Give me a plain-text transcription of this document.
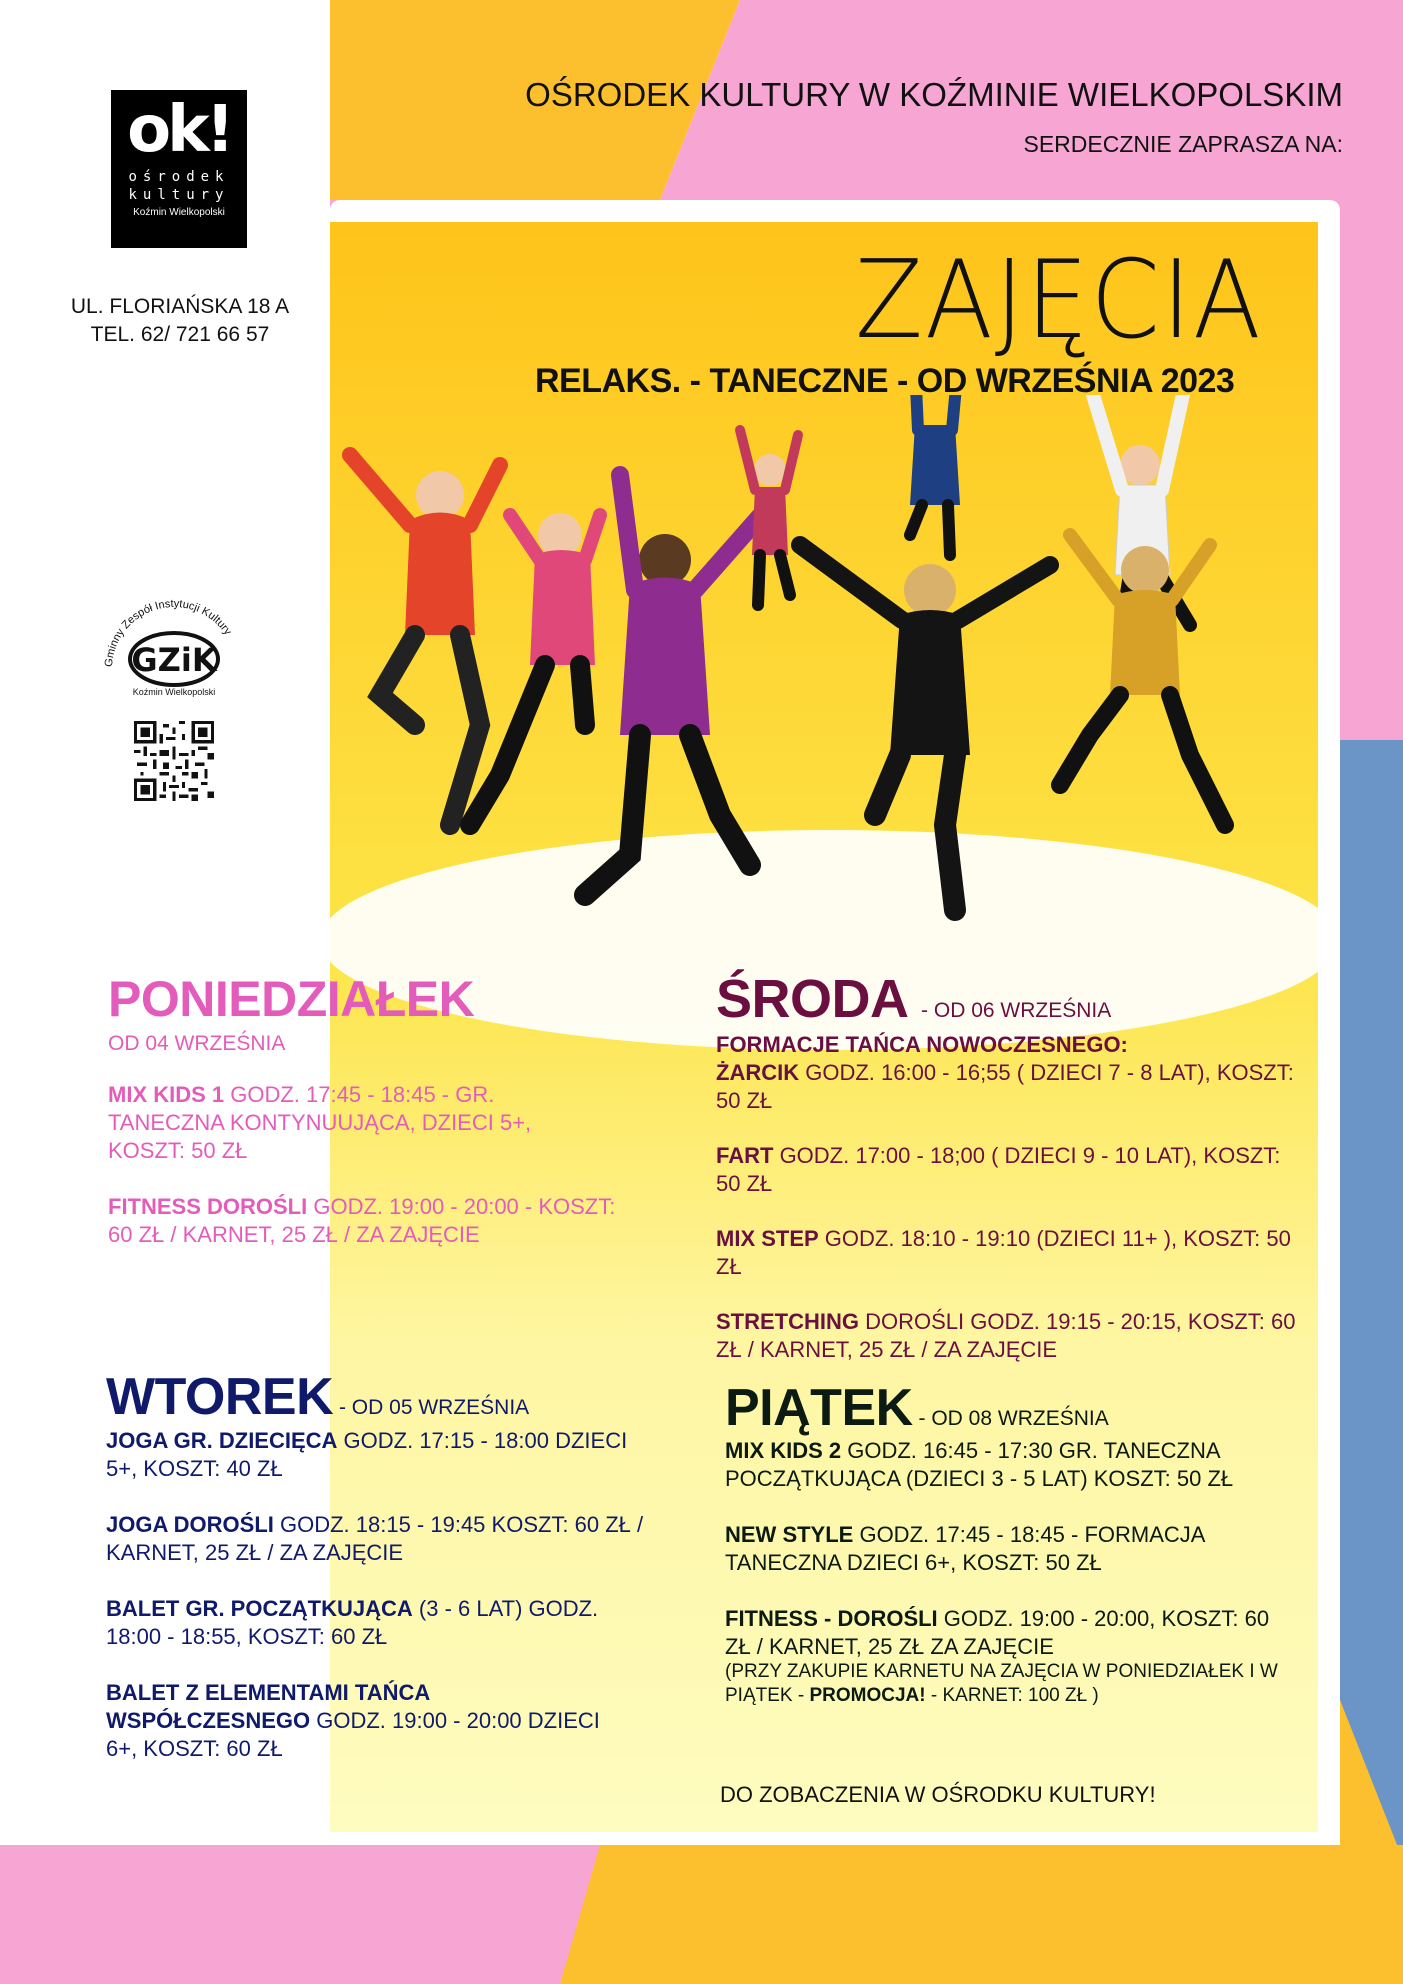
ok!
ośrodek
kultury
Koźmin Wielkopolski
UL. FLORIAŃSKA 18 A
TEL. 62/ 721 66 57
Gminny Zespół Instytucji Kultury
GZiK
Koźmin Wielkopolski
OŚRODEK KULTURY W KOŹMINIE WIELKOPOLSKIM
SERDECZNIE ZAPRASZA NA:
ZAJĘCIA
RELAKS. - TANECZNE - OD WRZEŚNIA 2023
PONIEDZIAŁEK
OD 04 WRZEŚNIA
MIX KIDS 1 GODZ. 17:45 - 18:45 - GR. TANECZNA KONTYNUUJĄCA, DZIECI 5+, KOSZT: 50 ZŁ
FITNESS DOROŚLI GODZ. 19:00 - 20:00 - KOSZT: 60 ZŁ / KARNET, 25 ZŁ / ZA ZAJĘCIE
WTOREK - OD 05 WRZEŚNIA
JOGA GR. DZIECIĘCA GODZ. 17:15 - 18:00 DZIECI 5+, KOSZT: 40 ZŁ
JOGA DOROŚLI GODZ. 18:15 - 19:45 KOSZT: 60 ZŁ / KARNET, 25 ZŁ / ZA ZAJĘCIE
BALET GR. POCZĄTKUJĄCA (3 - 6 LAT) GODZ. 18:00 - 18:55, KOSZT: 60 ZŁ
BALET Z ELEMENTAMI TAŃCA WSPÓŁCZESNEGO GODZ. 19:00 - 20:00 DZIECI 6+, KOSZT: 60 ZŁ
ŚRODA - OD 06 WRZEŚNIA
FORMACJE TAŃCA NOWOCZESNEGO:
ŻARCIK GODZ. 16:00 - 16;55 ( DZIECI 7 - 8 LAT), KOSZT: 50 ZŁ
FART GODZ. 17:00 - 18;00 ( DZIECI 9 - 10 LAT), KOSZT: 50 ZŁ
MIX STEP GODZ. 18:10 - 19:10 (DZIECI 11+ ), KOSZT: 50 ZŁ
STRETCHING DOROŚLI GODZ. 19:15 - 20:15, KOSZT: 60 ZŁ / KARNET, 25 ZŁ / ZA ZAJĘCIE
PIĄTEK - OD 08 WRZEŚNIA
MIX KIDS 2 GODZ. 16:45 - 17:30 GR. TANECZNA POCZĄTKUJĄCA (DZIECI 3 - 5 LAT) KOSZT: 50 ZŁ
NEW STYLE GODZ. 17:45 - 18:45 - FORMACJA TANECZNA DZIECI 6+, KOSZT: 50 ZŁ
FITNESS - DOROŚLI GODZ. 19:00 - 20:00, KOSZT: 60 ZŁ / KARNET, 25 ZŁ ZA ZAJĘCIE
(PRZY ZAKUPIE KARNETU NA ZAJĘCIA W PONIEDZIAŁEK I W PIĄTEK - PROMOCJA! - KARNET: 100 ZŁ )
DO ZOBACZENIA W OŚRODKU KULTURY!
